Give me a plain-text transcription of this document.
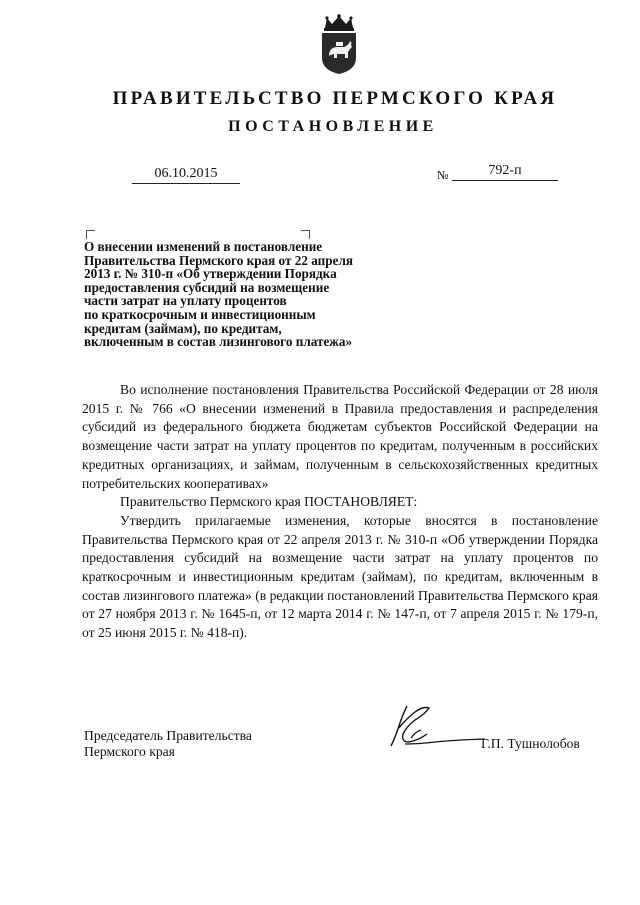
ПРАВИТЕЛЬСТВО ПЕРМСКОГО КРАЯ
ПОСТАНОВЛЕНИЕ
06.10.2015	№	792-п

О внесении изменений в постановление
Правительства Пермского края от 22 апреля
2013 г. № 310-п «Об утверждении Порядка
предоставления субсидий на возмещение
части затрат на уплату процентов
по краткосрочным и инвестиционным
кредитам (займам), по кредитам,
включенным в состав лизингового платежа»

Во исполнение постановления Правительства Российской Федерации от 28 июля 2015 г. № 766 «О внесении изменений в Правила предоставления и распределения субсидий из федерального бюджета бюджетам субъектов Российской Федерации на возмещение части затрат на уплату процентов по кредитам, полученным в российских кредитных организациях, и займам, полученным в сельскохозяйственных кредитных потребительских кооперативах»

Правительство Пермского края ПОСТАНОВЛЯЕТ:

Утвердить прилагаемые изменения, которые вносятся в постановление Правительства Пермского края от 22 апреля 2013 г. № 310-п «Об утверждении Порядка предоставления субсидий на возмещение части затрат на уплату процентов по краткосрочным и инвестиционным кредитам (займам), по кредитам, включенным в состав лизингового платежа» (в редакции постановлений Правительства Пермского края от 27 ноября 2013 г. № 1645-п, от 12 марта 2014 г. № 147-п, от 7 апреля 2015 г. № 179-п, от 25 июня 2015 г. № 418-п).

Председатель Правительства
Пермского края
Г.П. Тушнолобов
